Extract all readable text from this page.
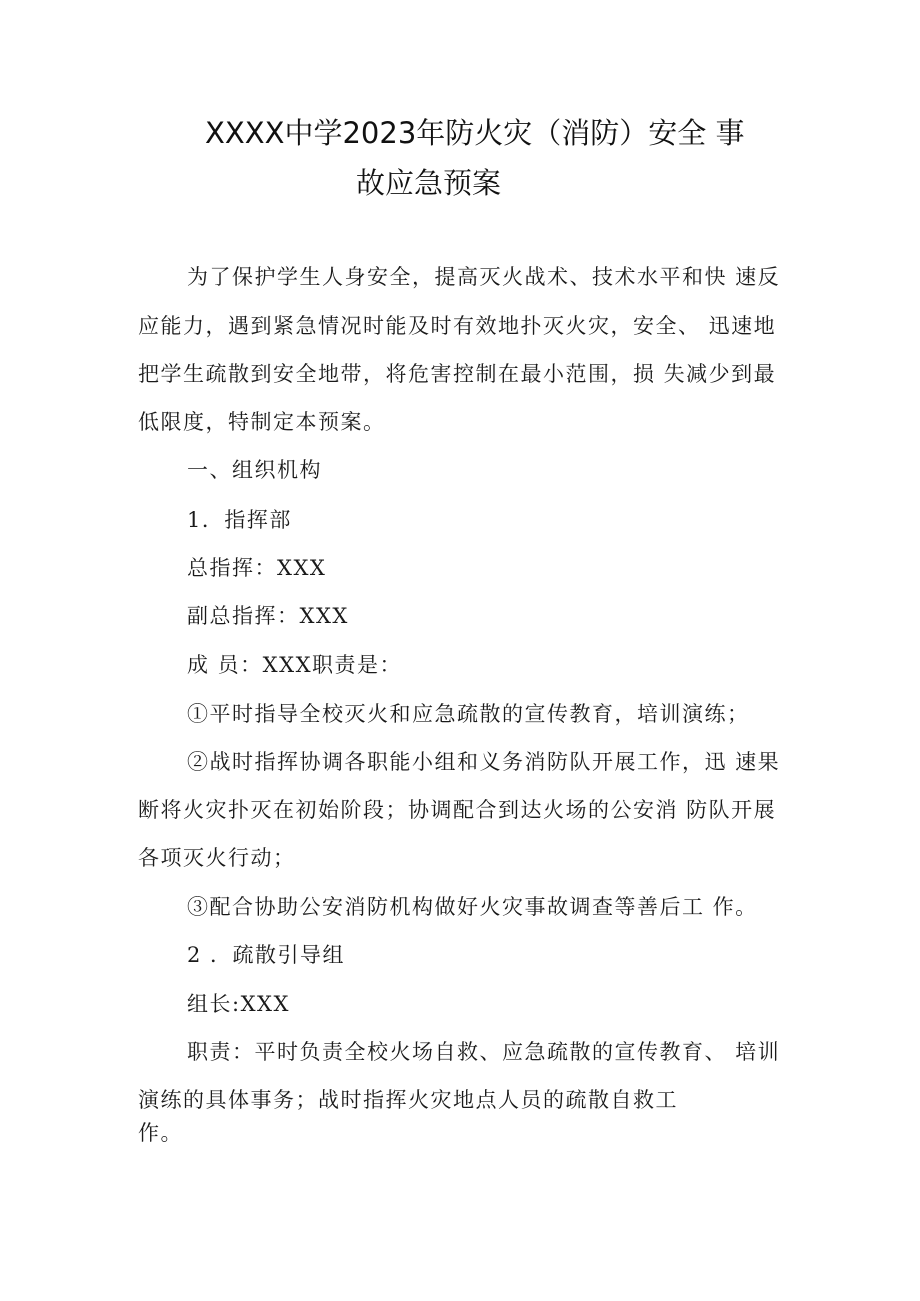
XXXX中学2023年防火灾（消防）安全 事
故应急预案
为了保护学生人身安全，提高灭火战术、技术水平和快 速反
应能力，遇到紧急情况时能及时有效地扑灭火灾，安全、 迅速地
把学生疏散到安全地带，将危害控制在最小范围，损 失减少到最
低限度，特制定本预案。
一、组织机构
1．指挥部
总指挥：XXX
副总指挥：XXX
成 员：XXX职责是：
①平时指导全校灭火和应急疏散的宣传教育，培训演练；
②战时指挥协调各职能小组和义务消防队开展工作，迅 速果
断将火灾扑灭在初始阶段；协调配合到达火场的公安消 防队开展
各项灭火行动；
③配合协助公安消防机构做好火灾事故调查等善后工 作。
2 ．疏散引导组
组长:XXX
职责：平时负责全校火场自救、应急疏散的宣传教育、 培训
演练的具体事务；战时指挥火灾地点人员的疏散自救工
作。
